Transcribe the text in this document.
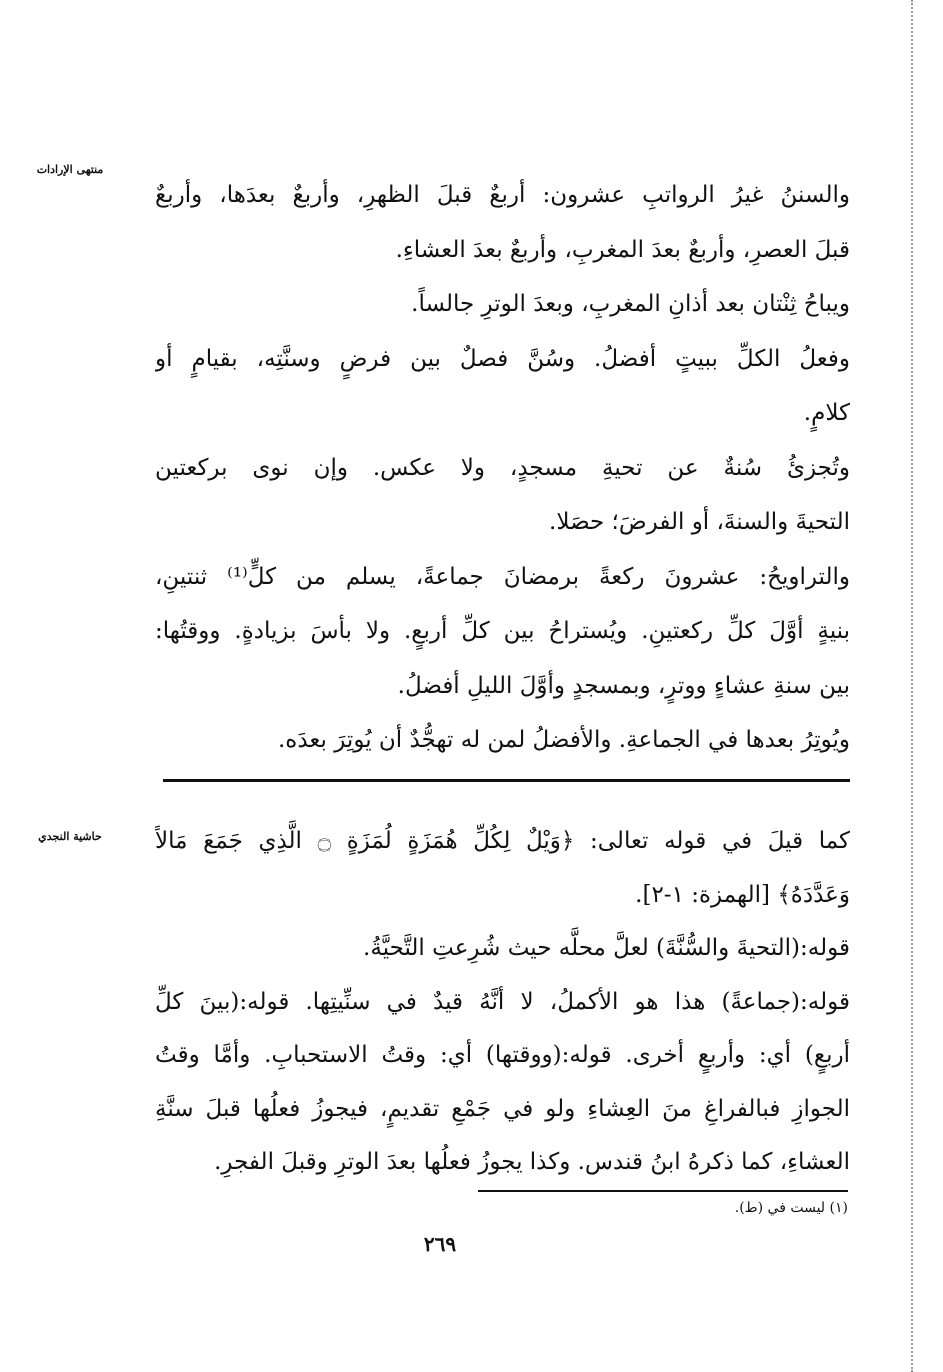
منتهى الإرادات
حاشية النجدي

والسننُ غيرُ الرواتبِ عشرون: أربعٌ قبلَ الظهرِ، وأربعٌ بعدَها، وأربعٌ

قبلَ العصرِ، وأربعٌ بعدَ المغربِ، وأربعٌ بعدَ العشاءِ.

ويباحُ ثِنْتان بعد أذانِ المغربِ، وبعدَ الوترِ جالساً.

وفعلُ الكلِّ ببيتٍ أفضلُ. وسُنَّ فصلٌ بين فرضٍ وسنَّتِه، بقيامٍ أو

كلامٍ.

وتُجزئُ سُنةٌ عن تحيةِ مسجدٍ، ولا عكس. وإن نوى بركعتين

التحيةَ والسنةَ، أو الفرضَ؛ حصَلا.

والتراويحُ: عشرونَ ركعةً برمضانَ جماعةً، يسلم من كلٍّ⁽¹⁾ ثنتينِ،

بنيةٍ أوَّلَ كلِّ ركعتينِ. ويُستراحُ بين كلِّ أربعٍ. ولا بأسَ بزيادةٍ. ووقتُها:

بين سنةِ عشاءٍ ووترٍ، وبمسجدٍ وأوَّلَ الليلِ أفضلُ.

ويُوتِرُ بعدها في الجماعةِ. والأفضلُ لمن له تهجُّدٌ أن يُوتِرَ بعدَه.

كما قيلَ في قوله تعالى: ﴿وَيْلٌ لِكُلِّ هُمَزَةٍ لُمَزَةٍ ۝ الَّذِي جَمَعَ مَالاً

وَعَدَّدَهُ﴾ [الهمزة: ١-٢].

قوله:(التحيةَ والسُّنَّةَ) لعلَّ محلَّه حيث شُرِعتِ التَّحيَّةُ.

قوله:(جماعةً) هذا هو الأكملُ، لا أنَّهُ قيدٌ في سنِّيتِها. قوله:(بينَ كلِّ

أربعٍ) أي: وأربعٍ أخرى. قوله:(ووقتها) أي: وقتُ الاستحبابِ. وأمَّا وقتُ

الجوازِ فبالفراغِ منَ العِشاءِ ولو في جَمْعِ تقديمٍ، فيجوزُ فعلُها قبلَ سنَّةِ

العشاءِ، كما ذكرهُ ابنُ قندس. وكذا يجوزُ فعلُها بعدَ الوترِ وقبلَ الفجرِ.

(١) ليست في (ط).
٢٦٩
